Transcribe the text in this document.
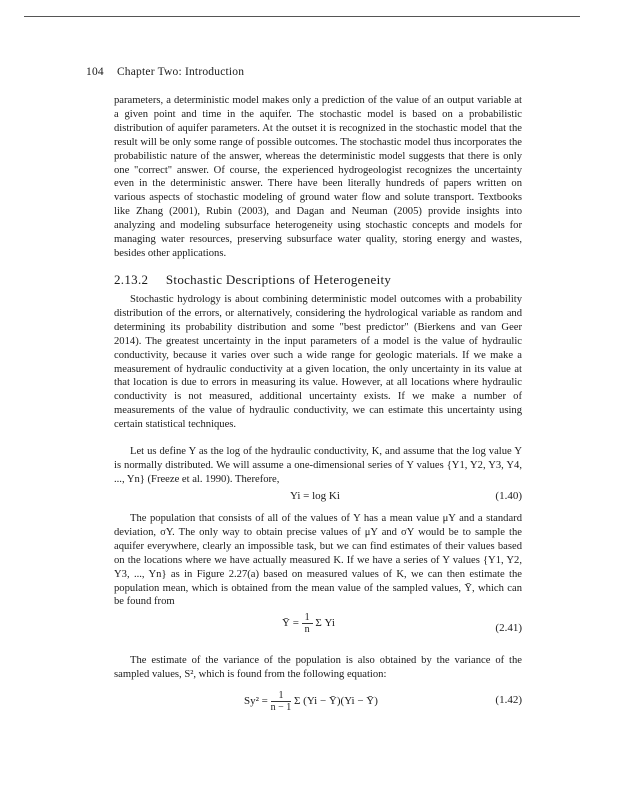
104 Chapter Two: Introduction

parameters, a deterministic model makes only a prediction of the value of an output variable at a given point and time in the aquifer. The stochastic model is based on a probabilistic distribution of aquifer parameters. At the outset it is recognized in the stochastic model that the result will be only some range of possible outcomes. The stochastic model thus incorporates the probabilistic nature of the answer, whereas the deterministic model suggests that there is only one "correct" answer. Of course, the experienced hydrogeologist recognizes the uncertainty even in the deterministic answer. There have been literally hundreds of papers written on various aspects of stochastic modeling of ground water flow and solute transport. Textbooks like Zhang (2001), Rubin (2003), and Dagan and Neuman (2005) provide insights into analyzing and modeling subsurface heterogeneity using stochastic concepts and models for managing water resources, preserving subsurface water quality, storing energy and wastes, besides other applications.

2.13.2 Stochastic Descriptions of Heterogeneity

Stochastic hydrology is about combining deterministic model outcomes with a probability distribution of the errors, or alternatively, considering the hydrological variable as random and determining its probability distribution and some "best predictor" (Bierkens and van Geer 2014). The greatest uncertainty in the input parameters of a model is the value of hydraulic conductivity, because it varies over such a wide range for geologic materials. If we make a measurement of hydraulic conductivity at a given location, the only uncertainty in its value at that location is due to errors in measuring its value. However, at all locations where hydraulic conductivity is not measured, additional uncertainty exists. If we make a number of measurements of the value of hydraulic conductivity, we can estimate this uncertainty using certain statistical techniques.

Let us define Y as the log of the hydraulic conductivity, K, and assume that the log value Y is normally distributed. We will assume a one-dimensional series of Y values {Y1, Y2, Y3, Y4, ..., Yn} (Freeze et al. 1990). Therefore,

Yi = log Ki	(1.40)

The population that consists of all of the values of Y has a mean value μY and a standard deviation, σY. The only way to obtain precise values of μY and σY would be to sample the aquifer everywhere, clearly an impossible task, but we can find estimates of their values based on the locations where we have actually measured K. If we have a series of Y values {Y1, Y2, Y3, ..., Yn} as in Figure 2.27(a) based on measured values of K, we can then estimate the population mean, which is obtained from the mean value of the sampled values, Ȳ, which can be found from

Ȳ = $\frac{1}{n}$ Σ Yi	(2.41)

The estimate of the variance of the population is also obtained by the variance of the sampled values, S², which is found from the following equation:

$Sy^2 = \frac{1}{n - 1}$ Σ (Yi − Ȳ)(Yi − Ȳ)	(1.42)
